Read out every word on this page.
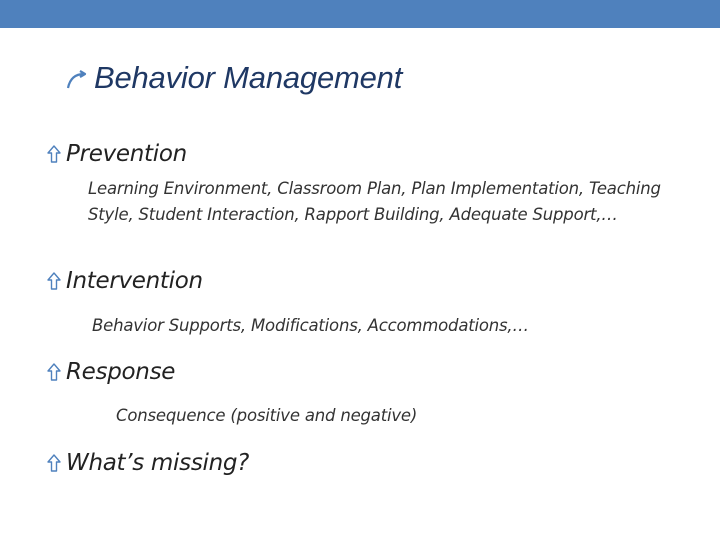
Behavior Management
Prevention
Learning Environment, Classroom Plan, Plan Implementation, Teaching Style, Student Interaction, Rapport Building, Adequate Support,…
Intervention
Behavior Supports, Modifications, Accommodations,…
Response
Consequence (positive and negative)
What’s missing?
